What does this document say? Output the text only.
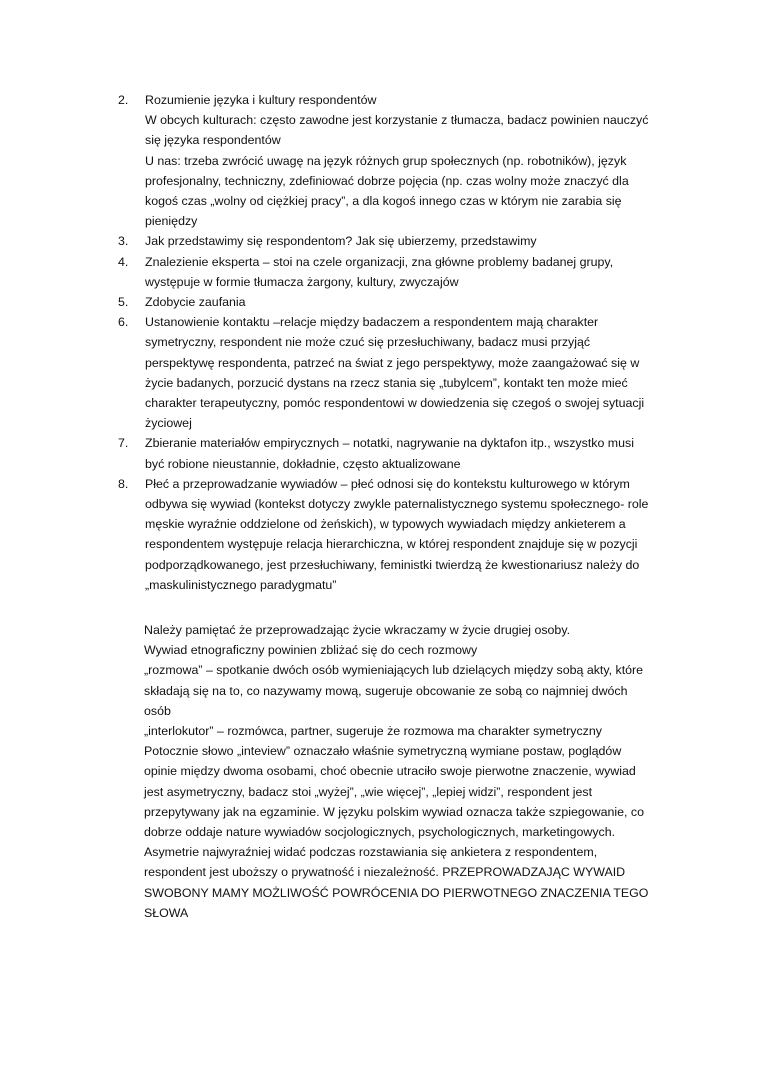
2. Rozumienie języka i kultury respondentów
W obcych kulturach: często zawodne jest korzystanie z tłumacza, badacz powinien nauczyć
się języka respondentów
U nas: trzeba zwrócić uwagę na język różnych grup społecznych (np. robotników), język
profesjonalny, techniczny, zdefiniować dobrze pojęcia (np. czas wolny może znaczyć dla
kogoś czas „wolny od ciężkiej pracy”, a dla kogoś innego czas w którym nie zarabia się
pieniędzy
3. Jak przedstawimy się respondentom? Jak się ubierzemy, przedstawimy
4. Znalezienie eksperta – stoi na czele organizacji, zna główne problemy badanej grupy,
występuje w formie tłumacza żargony, kultury, zwyczajów
5. Zdobycie zaufania
6. Ustanowienie kontaktu –relacje między badaczem a respondentem mają charakter
symetryczny, respondent nie może czuć się przesłuchiwany, badacz musi przyjąć
perspektywę respondenta, patrzeć na świat z jego perspektywy, może zaangażować się w
życie badanych, porzucić dystans na rzecz stania się „tubylcem”, kontakt ten może mieć
charakter terapeutyczny, pomóc respondentowi w dowiedzenia się czegoś o swojej sytuacji
życiowej
7. Zbieranie materiałów empirycznych – notatki, nagrywanie na dyktafon itp., wszystko musi
być robione nieustannie, dokładnie, często aktualizowane
8. Płeć a przeprowadzanie wywiadów – płeć odnosi się do kontekstu kulturowego w którym
odbywa się wywiad (kontekst dotyczy zwykle paternalistycznego systemu społecznego- role
męskie wyraźnie oddzielone od żeńskich), w typowych wywiadach między ankieterem a
respondentem występuje relacja hierarchiczna, w której respondent znajduje się w pozycji
podporządkowanego, jest przesłuchiwany, feministki twierdzą że kwestionariusz należy do
„maskulinistycznego paradygmatu”
Należy pamiętać że przeprowadzając życie wkraczamy w życie drugiej osoby.
Wywiad etnograficzny powinien zbliżać się do cech rozmowy
„rozmowa” – spotkanie dwóch osób wymieniających lub dzielących między sobą akty, które
składają się na to, co nazywamy mową, sugeruje obcowanie ze sobą co najmniej dwóch
osób
„interlokutor” – rozmówca, partner, sugeruje że rozmowa ma charakter symetryczny
Potocznie słowo „inteview” oznaczało właśnie symetryczną wymiane postaw, poglądów
opinie między dwoma osobami, choć obecnie utraciło swoje pierwotne znaczenie, wywiad
jest asymetryczny, badacz stoi „wyżej”, „wie więcej”, „lepiej widzi”, respondent jest
przepytywany jak na egzaminie. W języku polskim wywiad oznacza także szpiegowanie, co
dobrze oddaje nature wywiadów socjologicznych, psychologicznych, marketingowych.
Asymetrie najwyraźniej widać podczas rozstawiania się ankietera z respondentem,
respondent jest uboższy o prywatność i niezależność. PRZEPROWADZAJĄC WYWAID
SWOBONY MAMY MOŻLIWOŚĆ POWRÓCENIA DO PIERWOTNEGO ZNACZENIA TEGO SŁOWA
